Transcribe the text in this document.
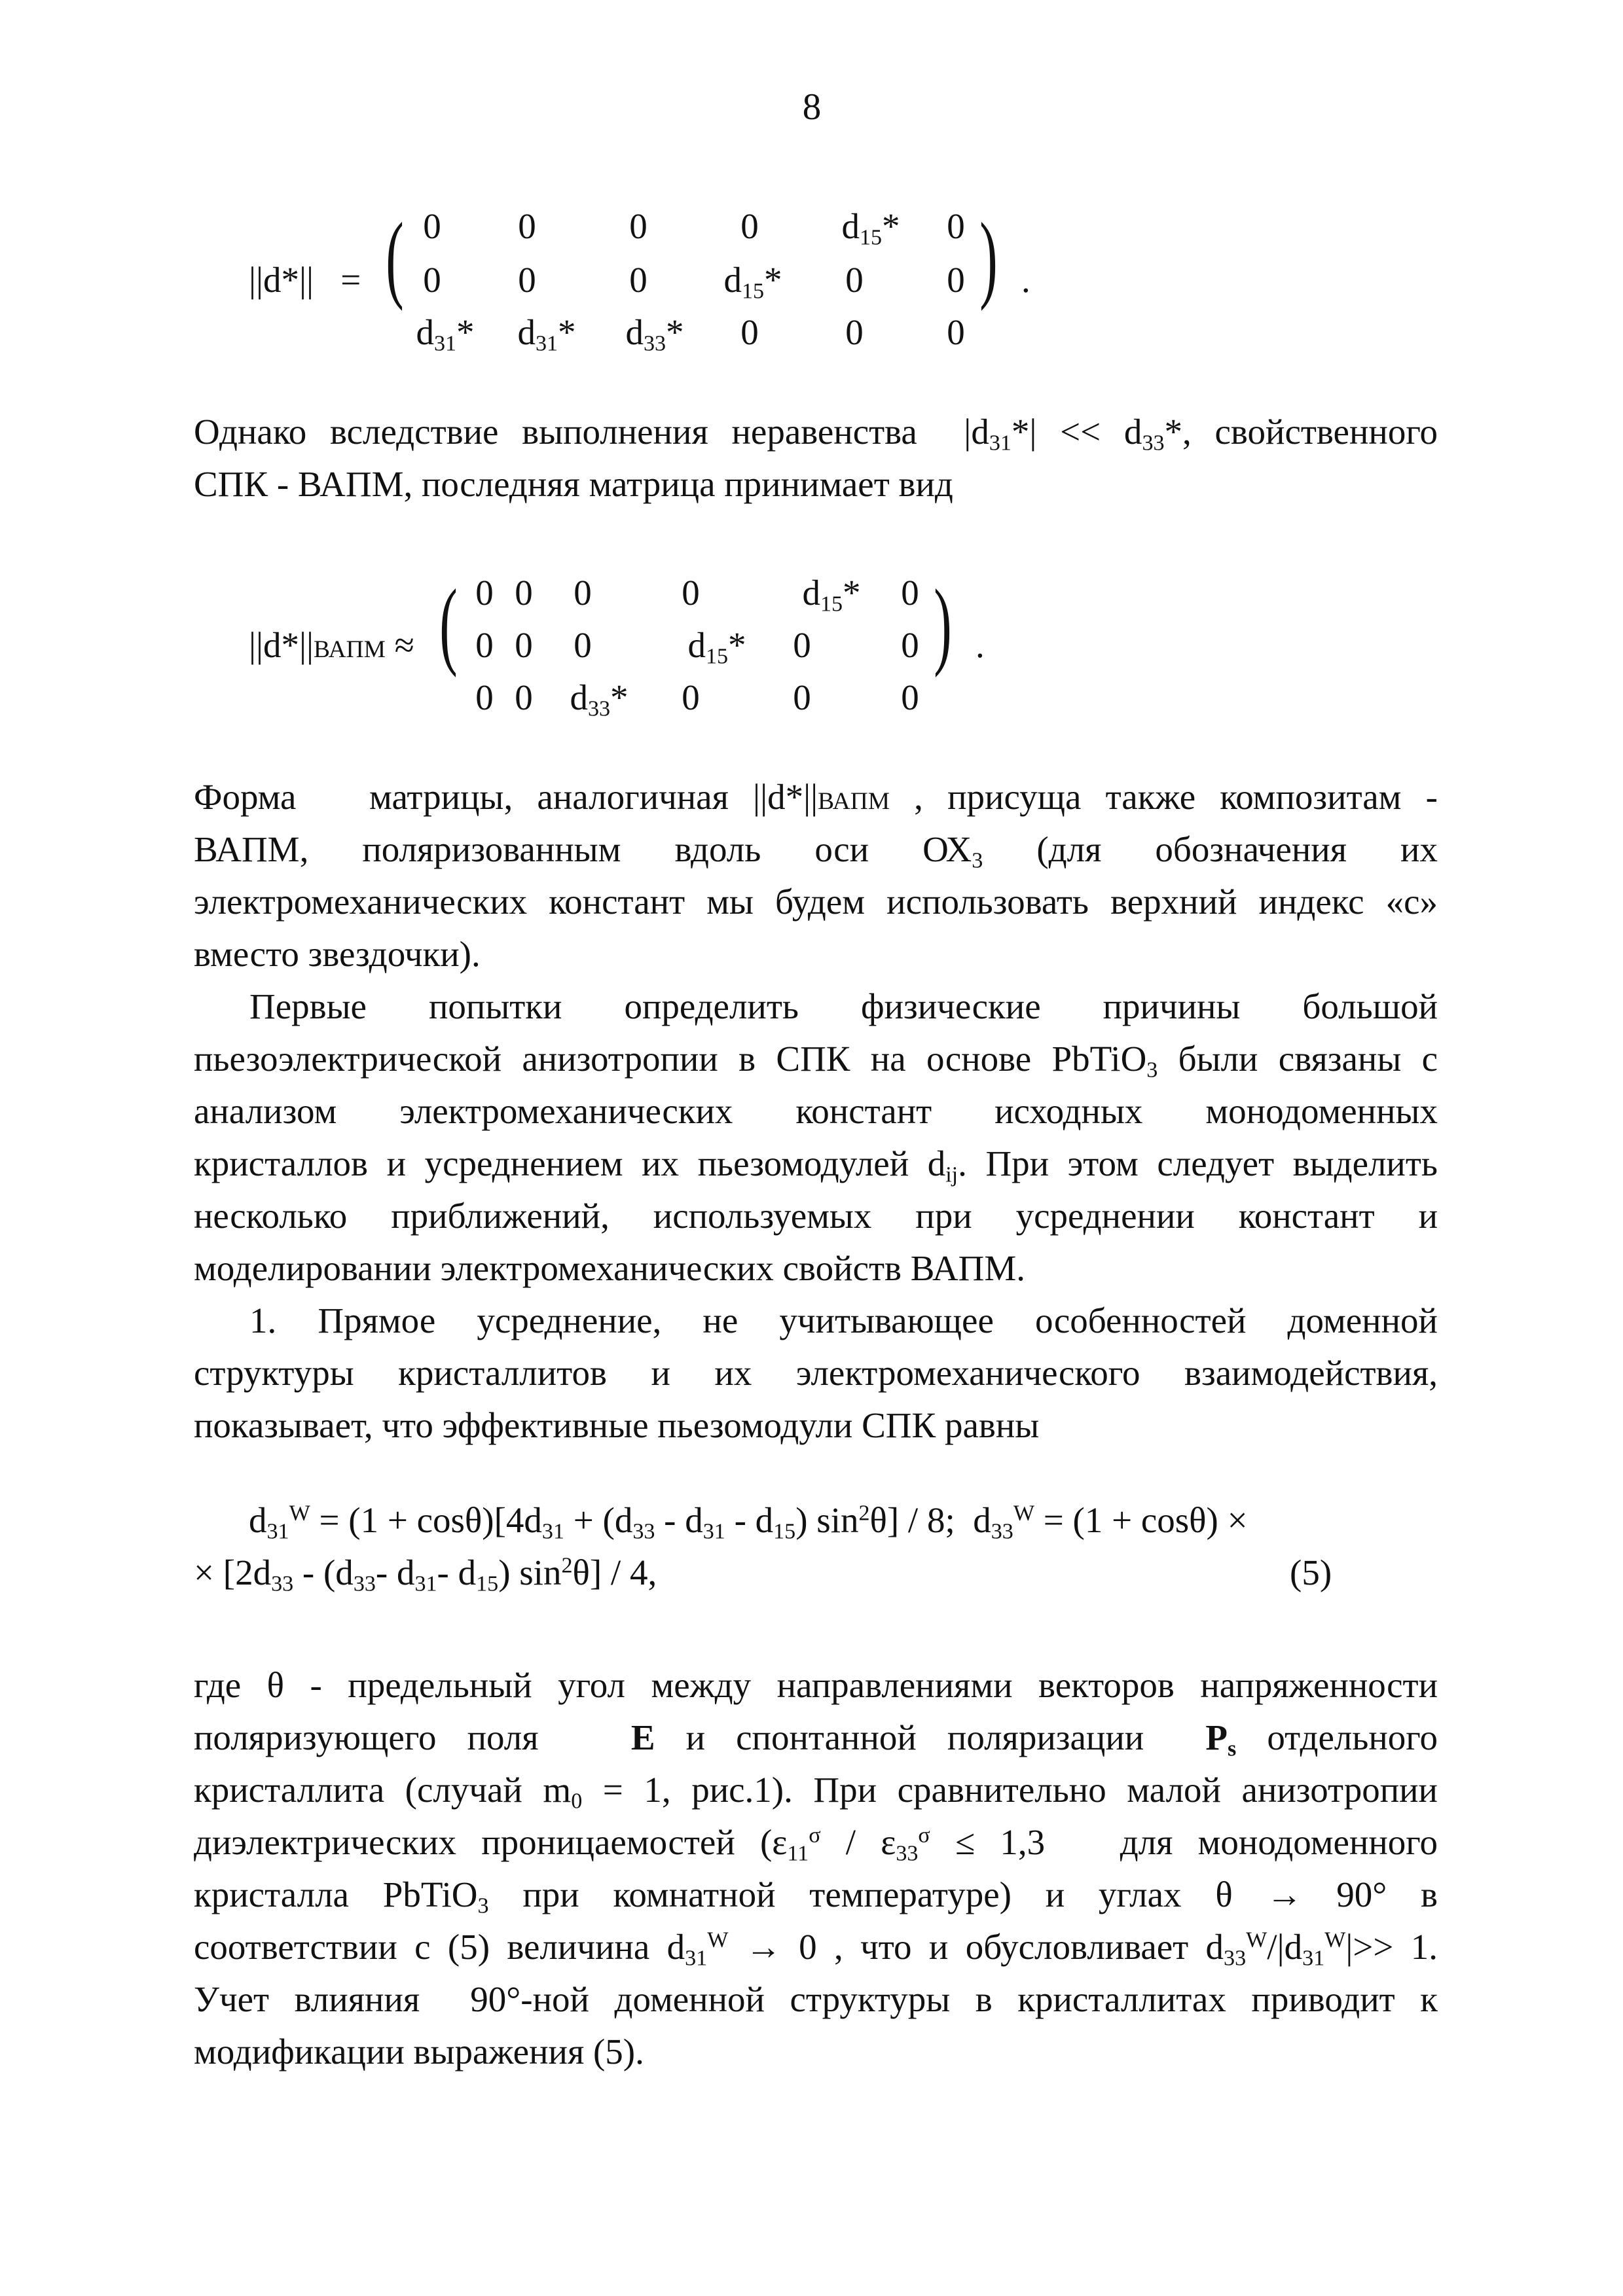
8
||d*||   = ( 0 0	0	0	$d_{15}*$	0
0 0	0	$d_{15}*$	0 0
$d_{31}*$	$d_{31}*$	$d_{33}*$	0 0 0
) .
Однако вследствие выполнения неравенства  $|d_{31}*| << d_{33}*$, свойственного
СПК - ВАПМ, последняя матрица принимает вид
||d*||ВАПМ ≈ ( 0 0 0	0	$d_{15}*$	0
0 0 0	$d_{15}*$	0	0
0 0	$d_{33}*$	0	0	0
) .
Форма   матрицы, аналогичная ||d*||ВАПМ , присуща также композитам -
ВАПМ, поляризованным вдоль оси $ОХ_3$ (для обозначения их
электромеханических констант мы будем использовать верхний индекс «с»
вместо звездочки).
Первые попытки определить физические причины большой
пьезоэлектрической анизотропии в СПК на основе PbTiO$_3$ были связаны с
анализом электромеханических констант исходных монодоменных
кристаллов и усреднением их пьезомодулей $d_{ij}$. При этом следует выделить
несколько приближений, используемых при усреднении констант и
моделировании электромеханических свойств ВАПМ.
1. Прямое усреднение, не учитывающее особенностей доменной
структуры кристаллитов и их электромеханического взаимодействия,
показывает, что эффективные пьезомодули СПК равны
$d_{31}^W = (1 + \cos\theta)[4d_{31} + (d_{33} - d_{31} - d_{15})$ $\sin^2\theta] / 8$;  $d_{33}^W = (1 + \cos\theta)$ ×
× [$2d_{33} - (d_{33}-$ $d_{31}-$ $d_{15}$) $\sin^2\theta] / 4$,	(5)
где θ - предельный угол между направлениями векторов напряженности
поляризующего поля   E и спонтанной поляризации  $P_s$ отдельного
кристаллита (случай $m_0 = 1$, рис.1). При сравнительно малой анизотропии
диэлектрических проницаемостей ($\varepsilon_{11}^\sigma / \varepsilon_{33}^\sigma \le 1,3$   для монодоменного
кристалла PbTiO$_3$ при комнатной температуре) и углах θ → 90° в
соответствии с (5) величина $d_{31}^W \to 0$ , что и обусловливает $d_{33}^W/|d_{31}^W|>> 1$.
Учет влияния  90°-ной доменной структуры в кристаллитах приводит к
модификации выражения (5).
